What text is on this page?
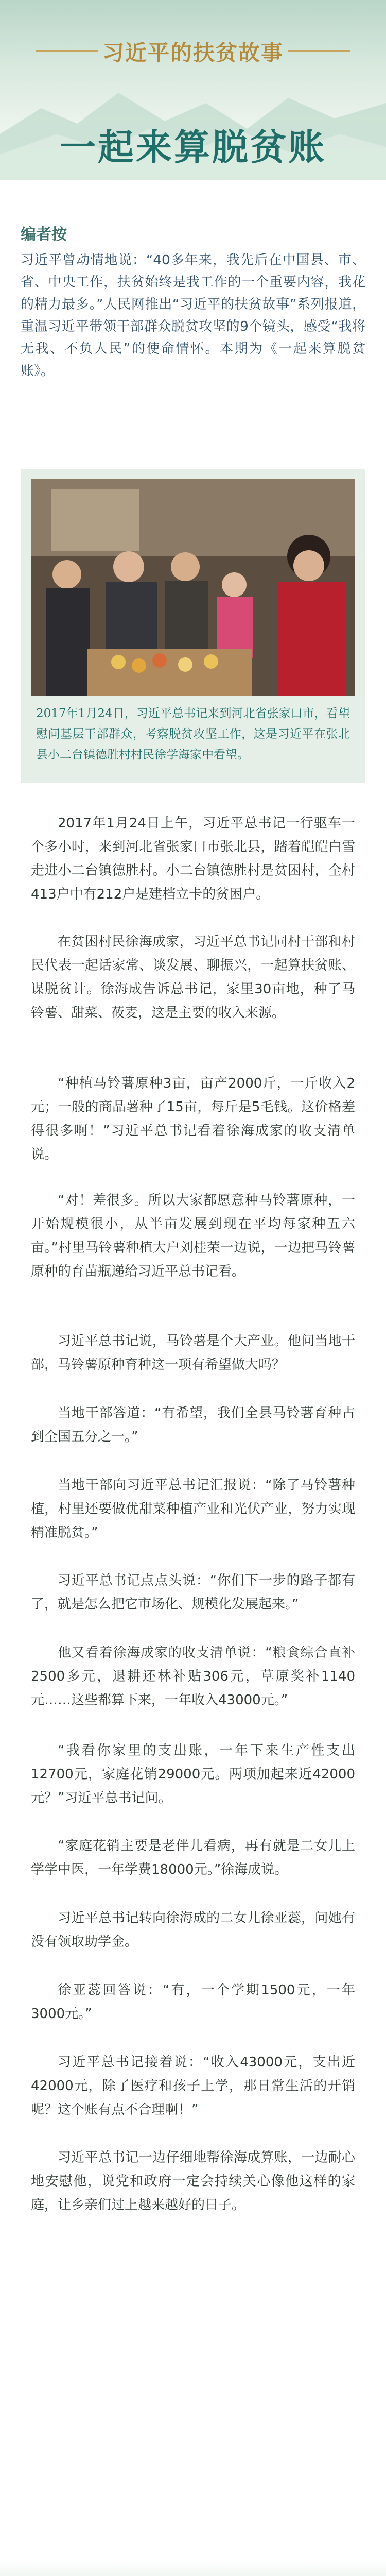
习近平的扶贫故事
一起来算脱贫账
编者按
习近平曾动情地说：“40多年来，我先后在中国县、市、省、中央工作，扶贫始终是我工作的一个重要内容，我花的精力最多。”人民网推出“习近平的扶贫故事”系列报道，重温习近平带领干部群众脱贫攻坚的9个镜头，感受“我将无我、不负人民”的使命情怀。本期为《一起来算脱贫账》。
2017年1月24日，习近平总书记来到河北省张家口市，看望慰问基层干部群众，考察脱贫攻坚工作，这是习近平在张北县小二台镇德胜村村民徐学海家中看望。
2017年1月24日上午，习近平总书记一行驱车一个多小时，来到河北省张家口市张北县，踏着皑皑白雪走进小二台镇德胜村。小二台镇德胜村是贫困村，全村413户中有212户是建档立卡的贫困户。
在贫困村民徐海成家，习近平总书记同村干部和村民代表一起话家常、谈发展、聊振兴，一起算扶贫账、谋脱贫计。徐海成告诉总书记，家里30亩地，种了马铃薯、甜菜、莜麦，这是主要的收入来源。
“种植马铃薯原种3亩，亩产2000斤，一斤收入2元；一般的商品薯种了15亩，每斤是5毛钱。这价格差得很多啊！”习近平总书记看着徐海成家的收支清单说。
“对！差很多。所以大家都愿意种马铃薯原种，一开始规模很小，从半亩发展到现在平均每家种五六亩。”村里马铃薯种植大户刘桂荣一边说，一边把马铃薯原种的育苗瓶递给习近平总书记看。
习近平总书记说，马铃薯是个大产业。他问当地干部，马铃薯原种育种这一项有希望做大吗？
当地干部答道：“有希望，我们全县马铃薯育种占到全国五分之一。”
当地干部向习近平总书记汇报说：“除了马铃薯种植，村里还要做优甜菜种植产业和光伏产业，努力实现精准脱贫。”
习近平总书记点点头说：“你们下一步的路子都有了，就是怎么把它市场化、规模化发展起来。”
他又看着徐海成家的收支清单说：“粮食综合直补2500多元，退耕还林补贴306元，草原奖补1140元……这些都算下来，一年收入43000元。”
“我看你家里的支出账，一年下来生产性支出12700元，家庭花销29000元。两项加起来近42000元？”习近平总书记问。
“家庭花销主要是老伴儿看病，再有就是二女儿上学学中医，一年学费18000元。”徐海成说。
习近平总书记转向徐海成的二女儿徐亚蕊，问她有没有领取助学金。
徐亚蕊回答说：“有，一个学期1500元，一年3000元。”
习近平总书记接着说：“收入43000元，支出近42000元，除了医疗和孩子上学，那日常生活的开销呢？这个账有点不合理啊！”
习近平总书记一边仔细地帮徐海成算账，一边耐心地安慰他，说党和政府一定会持续关心像他这样的家庭，让乡亲们过上越来越好的日子。
